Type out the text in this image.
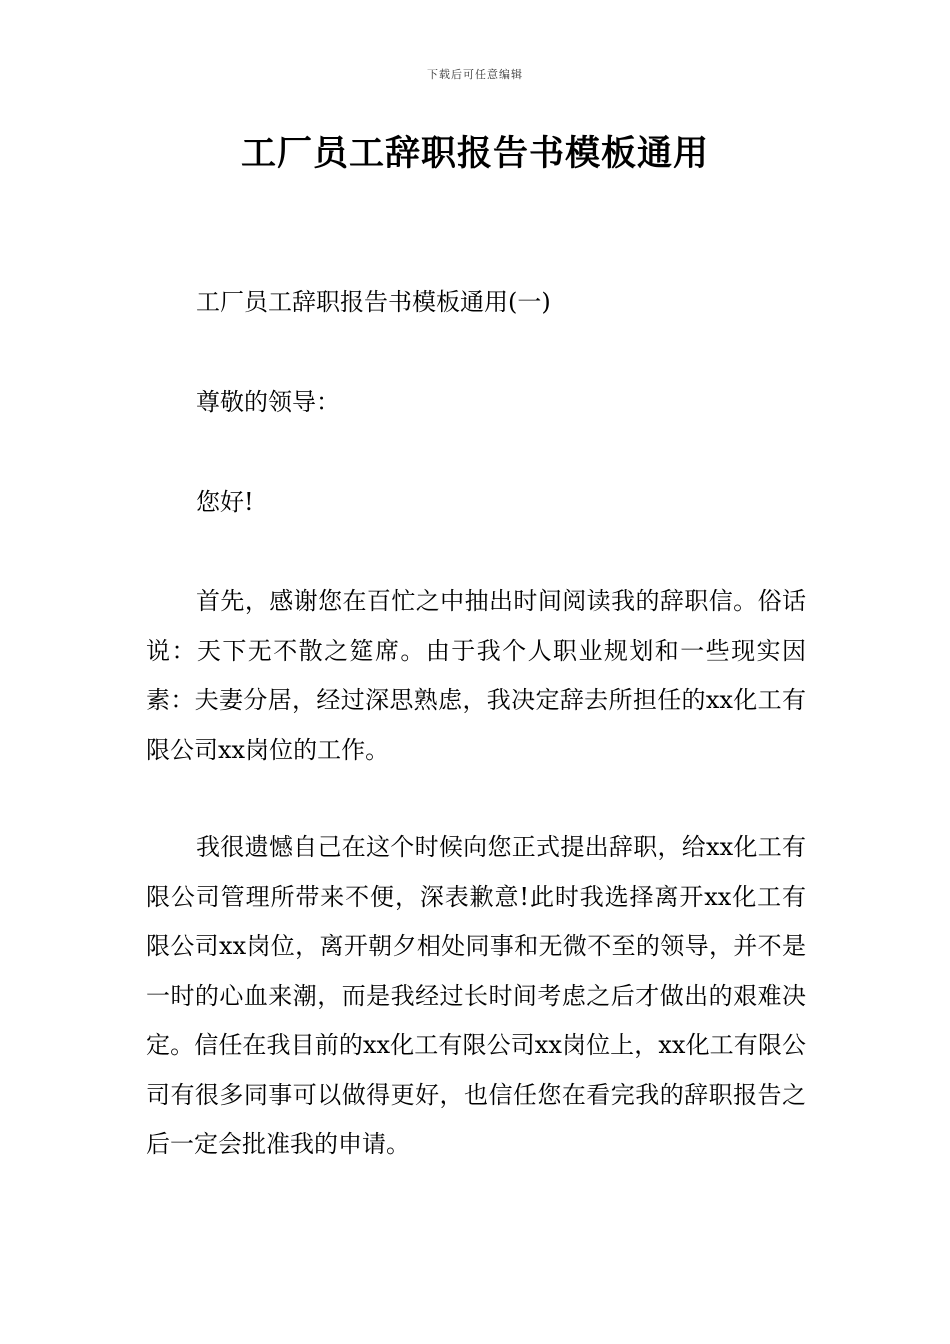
下载后可任意编辑
工厂员工辞职报告书模板通用

工厂员工辞职报告书模板通用(一)

尊敬的领导：

您好!

首先，感谢您在百忙之中抽出时间阅读我的辞职信。俗话说：天下无不散之筵席。由于我个人职业规划和一些现实因素：夫妻分居，经过深思熟虑，我决定辞去所担任的xx化工有限公司xx岗位的工作。

我很遗憾自己在这个时候向您正式提出辞职，给xx化工有限公司管理所带来不便，深表歉意!此时我选择离开xx化工有限公司xx岗位，离开朝夕相处同事和无微不至的领导，并不是一时的心血来潮，而是我经过长时间考虑之后才做出的艰难决定。信任在我目前的xx化工有限公司xx岗位上，xx化工有限公司有很多同事可以做得更好，也信任您在看完我的辞职报告之后一定会批准我的申请。
